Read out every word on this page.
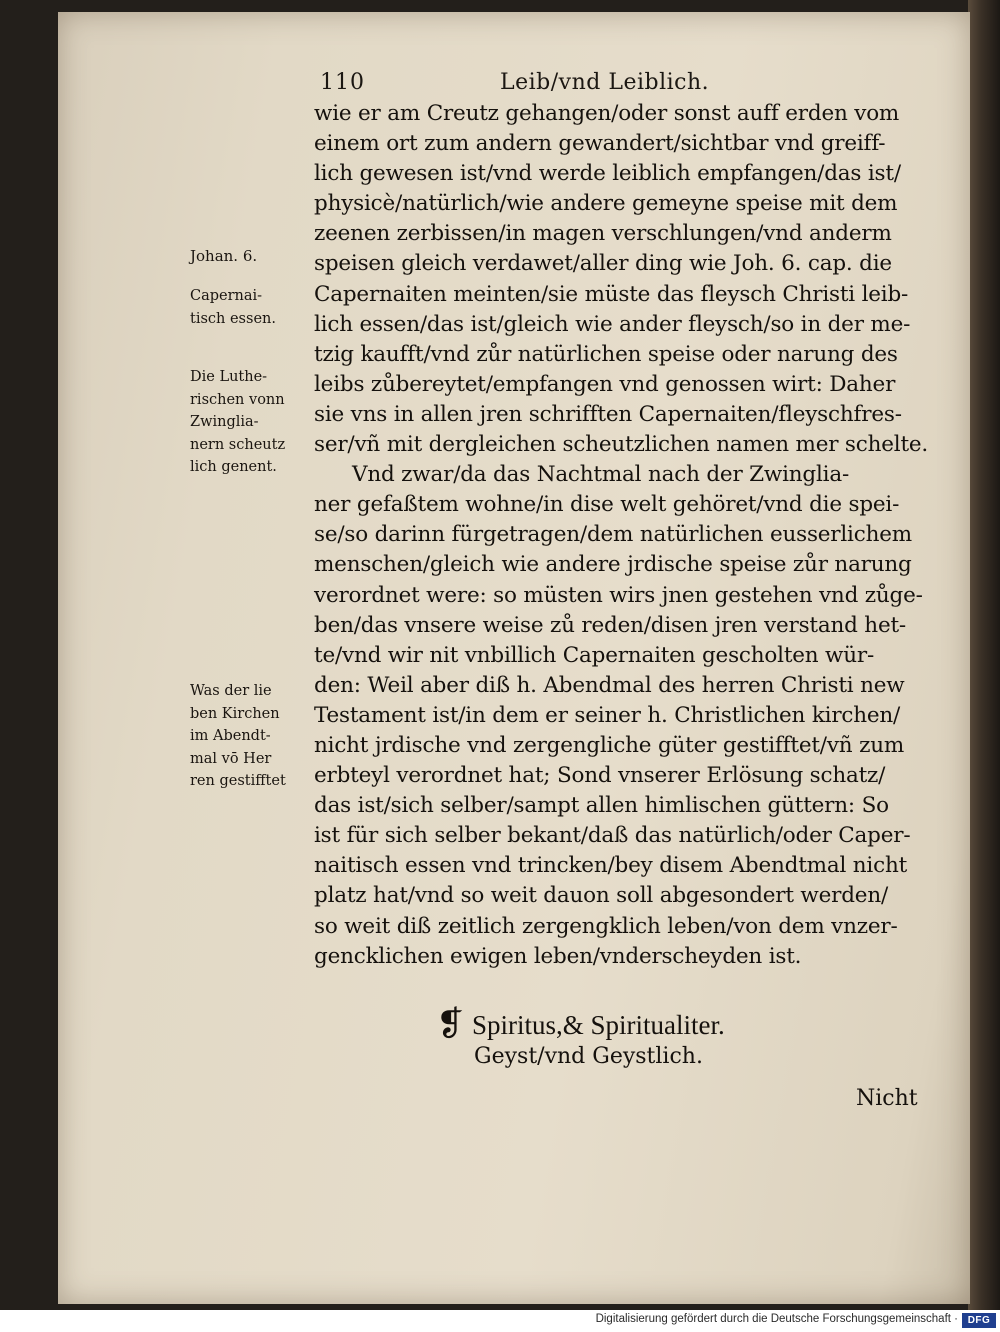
110	Leib/vnd Leiblich.
wie er am Creutz gehangen/oder sonst auff erden vom
einem ort zum andern gewandert/sichtbar vnd greiff-
lich gewesen ist/vnd werde leiblich empfangen/das ist/
physicè/natürlich/wie andere gemeyne speise mit dem
zeenen zerbissen/in magen verschlungen/vnd anderm
speisen gleich verdawet/aller ding wie Joh. 6. cap. die
Capernaiten meinten/sie müste das fleysch Christi leib-
lich essen/das ist/gleich wie ander fleysch/so in der me-
tzig kaufft/vnd zůr natürlichen speise oder narung des
leibs zůbereytet/empfangen vnd genossen wirt: Daher
sie vns in allen jren schrifften Capernaiten/fleyschfres-
ser/vñ mit dergleichen scheutzlichen namen mer schelte.
Vnd zwar/da das Nachtmal nach der Zwinglia-
ner gefaßtem wohne/in dise welt gehöret/vnd die spei-
se/so darinn fürgetragen/dem natürlichen eusserlichem
menschen/gleich wie andere jrdische speise zůr narung
verordnet were: so müsten wirs jnen gestehen vnd zůge-
ben/das vnsere weise zů reden/disen jren verstand het-
te/vnd wir nit vnbillich Capernaiten gescholten wür-
den: Weil aber diß h. Abendmal des herren Christi new
Testament ist/in dem er seiner h. Christlichen kirchen/
nicht jrdische vnd zergengliche güter gestifftet/vñ zum
erbteyl verordnet hat; Sond vnserer Erlösung schatz/
das ist/sich selber/sampt allen himlischen güttern: So
ist für sich selber bekant/daß das natürlich/oder Caper-
naitisch essen vnd trincken/bey disem Abendtmal nicht
platz hat/vnd so weit dauon soll abgesondert werden/
so weit diß zeitlich zergengklich leben/von dem vnzer-
gencklichen ewigen leben/vnderscheyden ist.
Johan. 6.
Capernai-
tisch essen.
Die Luthe-
rischen vonn
Zwinglia-
nern scheutz
lich genent.
Was der lie
ben Kirchen
im Abendt-
mal vō Her
ren gestifftet
❡ Spiritus,& Spiritualiter.
Geyst/vnd Geystlich.
Nicht
Digitalisierung gefördert durch die Deutsche Forschungsgemeinschaft · DFG
